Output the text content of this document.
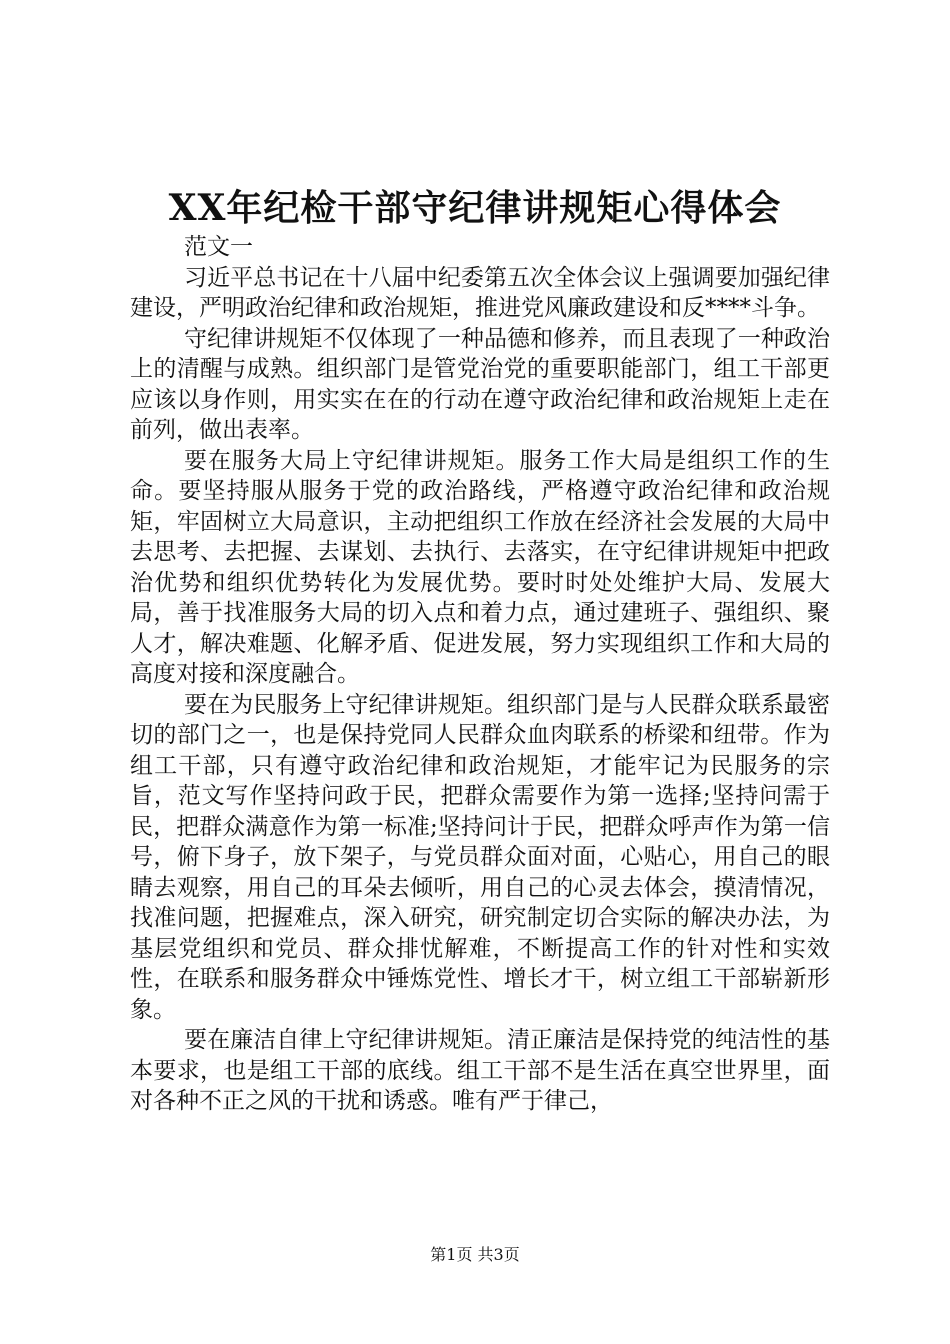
XX年纪检干部守纪律讲规矩心得体会

范文一

习近平总书记在十八届中纪委第五次全体会议上强调要加强纪律建设，严明政治纪律和政治规矩，推进党风廉政建设和反****斗争。

守纪律讲规矩不仅体现了一种品德和修养，而且表现了一种政治上的清醒与成熟。组织部门是管党治党的重要职能部门，组工干部更应该以身作则，用实实在在的行动在遵守政治纪律和政治规矩上走在前列，做出表率。

要在服务大局上守纪律讲规矩。服务工作大局是组织工作的生命。要坚持服从服务于党的政治路线，严格遵守政治纪律和政治规矩，牢固树立大局意识，主动把组织工作放在经济社会发展的大局中去思考、去把握、去谋划、去执行、去落实，在守纪律讲规矩中把政治优势和组织优势转化为发展优势。要时时处处维护大局、发展大局，善于找准服务大局的切入点和着力点，通过建班子、强组织、聚人才，解决难题、化解矛盾、促进发展，努力实现组织工作和大局的高度对接和深度融合。

要在为民服务上守纪律讲规矩。组织部门是与人民群众联系最密切的部门之一，也是保持党同人民群众血肉联系的桥梁和纽带。作为组工干部，只有遵守政治纪律和政治规矩，才能牢记为民服务的宗旨，范文写作坚持问政于民，把群众需要作为第一选择;坚持问需于民，把群众满意作为第一标准;坚持问计于民，把群众呼声作为第一信号，俯下身子，放下架子，与党员群众面对面，心贴心，用自己的眼睛去观察，用自己的耳朵去倾听，用自己的心灵去体会，摸清情况，找准问题，把握难点，深入研究，研究制定切合实际的解决办法，为基层党组织和党员、群众排忧解难，不断提高工作的针对性和实效性，在联系和服务群众中锤炼党性、增长才干，树立组工干部崭新形象。

要在廉洁自律上守纪律讲规矩。清正廉洁是保持党的纯洁性的基本要求，也是组工干部的底线。组工干部不是生活在真空世界里，面对各种不正之风的干扰和诱惑。唯有严于律己，

第1页 共3页
